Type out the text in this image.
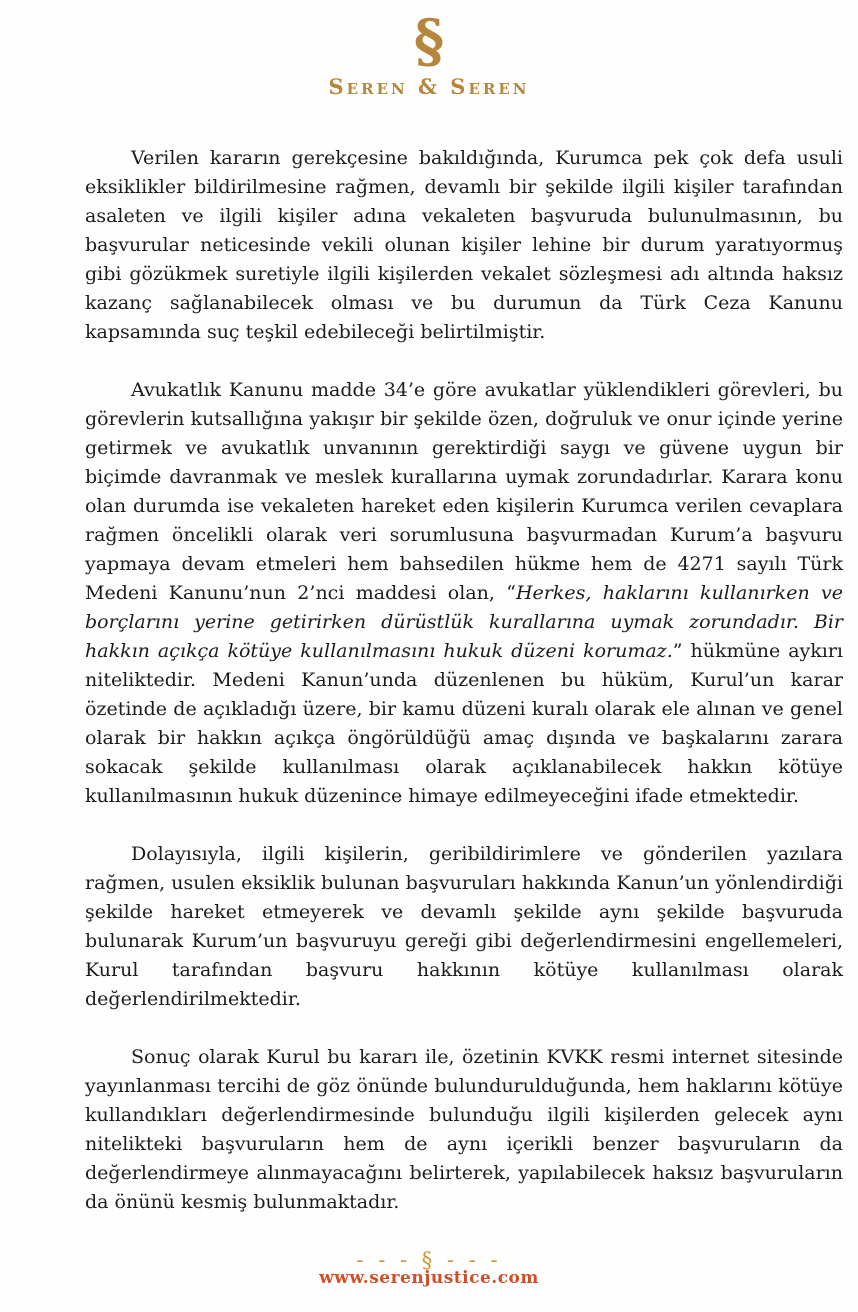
§
Seren & Seren

Verilen kararın gerekçesine bakıldığında, Kurumca pek çok defa usuli eksiklikler bildirilmesine rağmen, devamlı bir şekilde ilgili kişiler tarafından asaleten ve ilgili kişiler adına vekaleten başvuruda bulunulmasının, bu başvurular neticesinde vekili olunan kişiler lehine bir durum yaratıyormuş gibi gözükmek suretiyle ilgili kişilerden vekalet sözleşmesi adı altında haksız kazanç sağlanabilecek olması ve bu durumun da Türk Ceza Kanunu kapsamında suç teşkil edebileceği belirtilmiştir.

Avukatlık Kanunu madde 34’e göre avukatlar yüklendikleri görevleri, bu görevlerin kutsallığına yakışır bir şekilde özen, doğruluk ve onur içinde yerine getirmek ve avukatlık unvanının gerektirdiği saygı ve güvene uygun bir biçimde davranmak ve meslek kurallarına uymak zorundadırlar. Karara konu olan durumda ise vekaleten hareket eden kişilerin Kurumca verilen cevaplara rağmen öncelikli olarak veri sorumlusuna başvurmadan Kurum’a başvuru yapmaya devam etmeleri hem bahsedilen hükme hem de 4271 sayılı Türk Medeni Kanunu’nun 2’nci maddesi olan, “Herkes, haklarını kullanırken ve borçlarını yerine getirirken dürüstlük kurallarına uymak zorundadır. Bir hakkın açıkça kötüye kullanılmasını hukuk düzeni korumaz.” hükmüne aykırı niteliktedir. Medeni Kanun’unda düzenlenen bu hüküm, Kurul’un karar özetinde de açıkladığı üzere, bir kamu düzeni kuralı olarak ele alınan ve genel olarak bir hakkın açıkça öngörüldüğü amaç dışında ve başkalarını zarara sokacak şekilde kullanılması olarak açıklanabilecek hakkın kötüye kullanılmasının hukuk düzenince himaye edilmeyeceğini ifade etmektedir.

Dolayısıyla, ilgili kişilerin, geribildirimlere ve gönderilen yazılara rağmen, usulen eksiklik bulunan başvuruları hakkında Kanun’un yönlendirdiği şekilde hareket etmeyerek ve devamlı şekilde aynı şekilde başvuruda bulunarak Kurum’un başvuruyu gereği gibi değerlendirmesini engellemeleri, Kurul tarafından başvuru hakkının kötüye kullanılması olarak değerlendirilmektedir.

Sonuç olarak Kurul bu kararı ile, özetinin KVKK resmi internet sitesinde yayınlanması tercihi de göz önünde bulundurulduğunda, hem haklarını kötüye kullandıkları değerlendirmesinde bulunduğu ilgili kişilerden gelecek aynı nitelikteki başvuruların hem de aynı içerikli benzer başvuruların da değerlendirmeye alınmayacağını belirterek, yapılabilecek haksız başvuruların da önünü kesmiş bulunmaktadır.

- - - § - - -
www.serenjustice.com
